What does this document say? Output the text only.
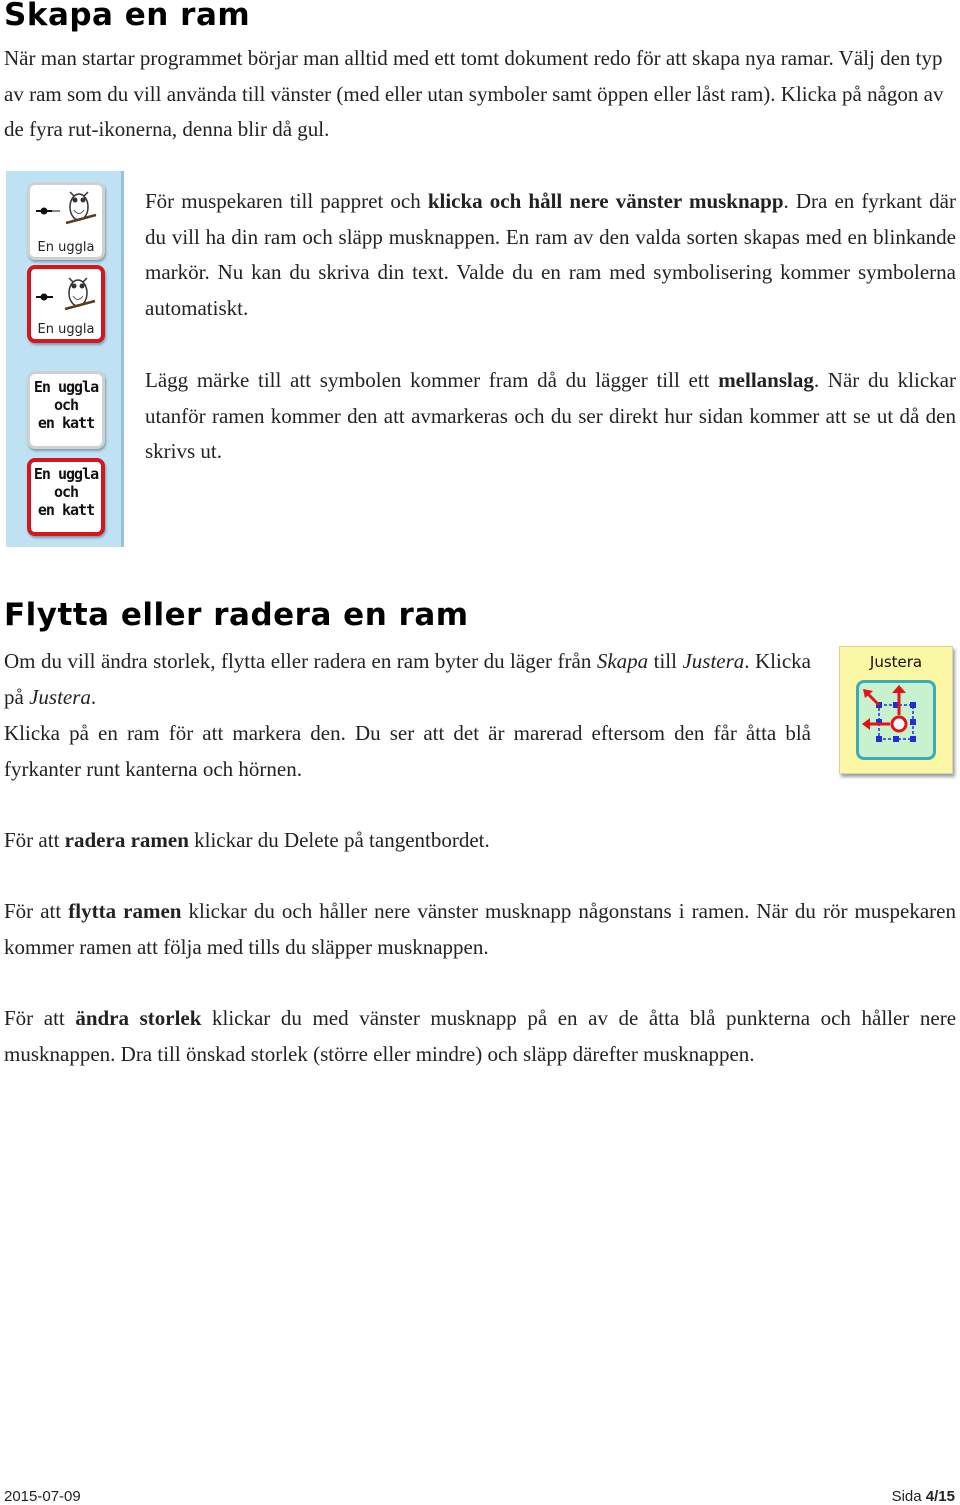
Skapa en ram

När man startar programmet börjar man alltid med ett tomt dokument redo för att skapa nya ramar. Välj den typ av ram som du vill använda till vänster (med eller utan symboler samt öppen eller låst ram). Klicka på någon av de fyra rut-ikonerna, denna blir då gul.

En uggla
En uggla
En uggla
och
en katt
En uggla
och
en katt

För muspekaren till pappret och klicka och håll nere vänster musknapp. Dra en fyrkant där du vill ha din ram och släpp musknappen. En ram av den valda sorten skapas med en blinkande markör. Nu kan du skriva din text. Valde du en ram med symbolisering kommer symbolerna automatiskt.

Lägg märke till att symbolen kommer fram då du lägger till ett mellanslag. När du klickar utanför ramen kommer den att avmarkeras och du ser direkt hur sidan kommer att se ut då den skrivs ut.

Flytta eller radera en ram

Om du vill ändra storlek, flytta eller radera en ram byter du läger från Skapa till Justera. Klicka på Justera.

Klicka på en ram för att markera den. Du ser att det är marerad eftersom den får åtta blå fyrkanter runt kanterna och hörnen.

Justera

För att radera ramen klickar du Delete på tangentbordet.

För att flytta ramen klickar du och håller nere vänster musknapp någonstans i ramen. När du rör muspekaren kommer ramen att följa med tills du släpper musknappen.

För att ändra storlek klickar du med vänster musknapp på en av de åtta blå punkterna och håller nere musknappen. Dra till önskad storlek (större eller mindre) och släpp därefter musknappen.

2015-07-09	Sida 4/15
